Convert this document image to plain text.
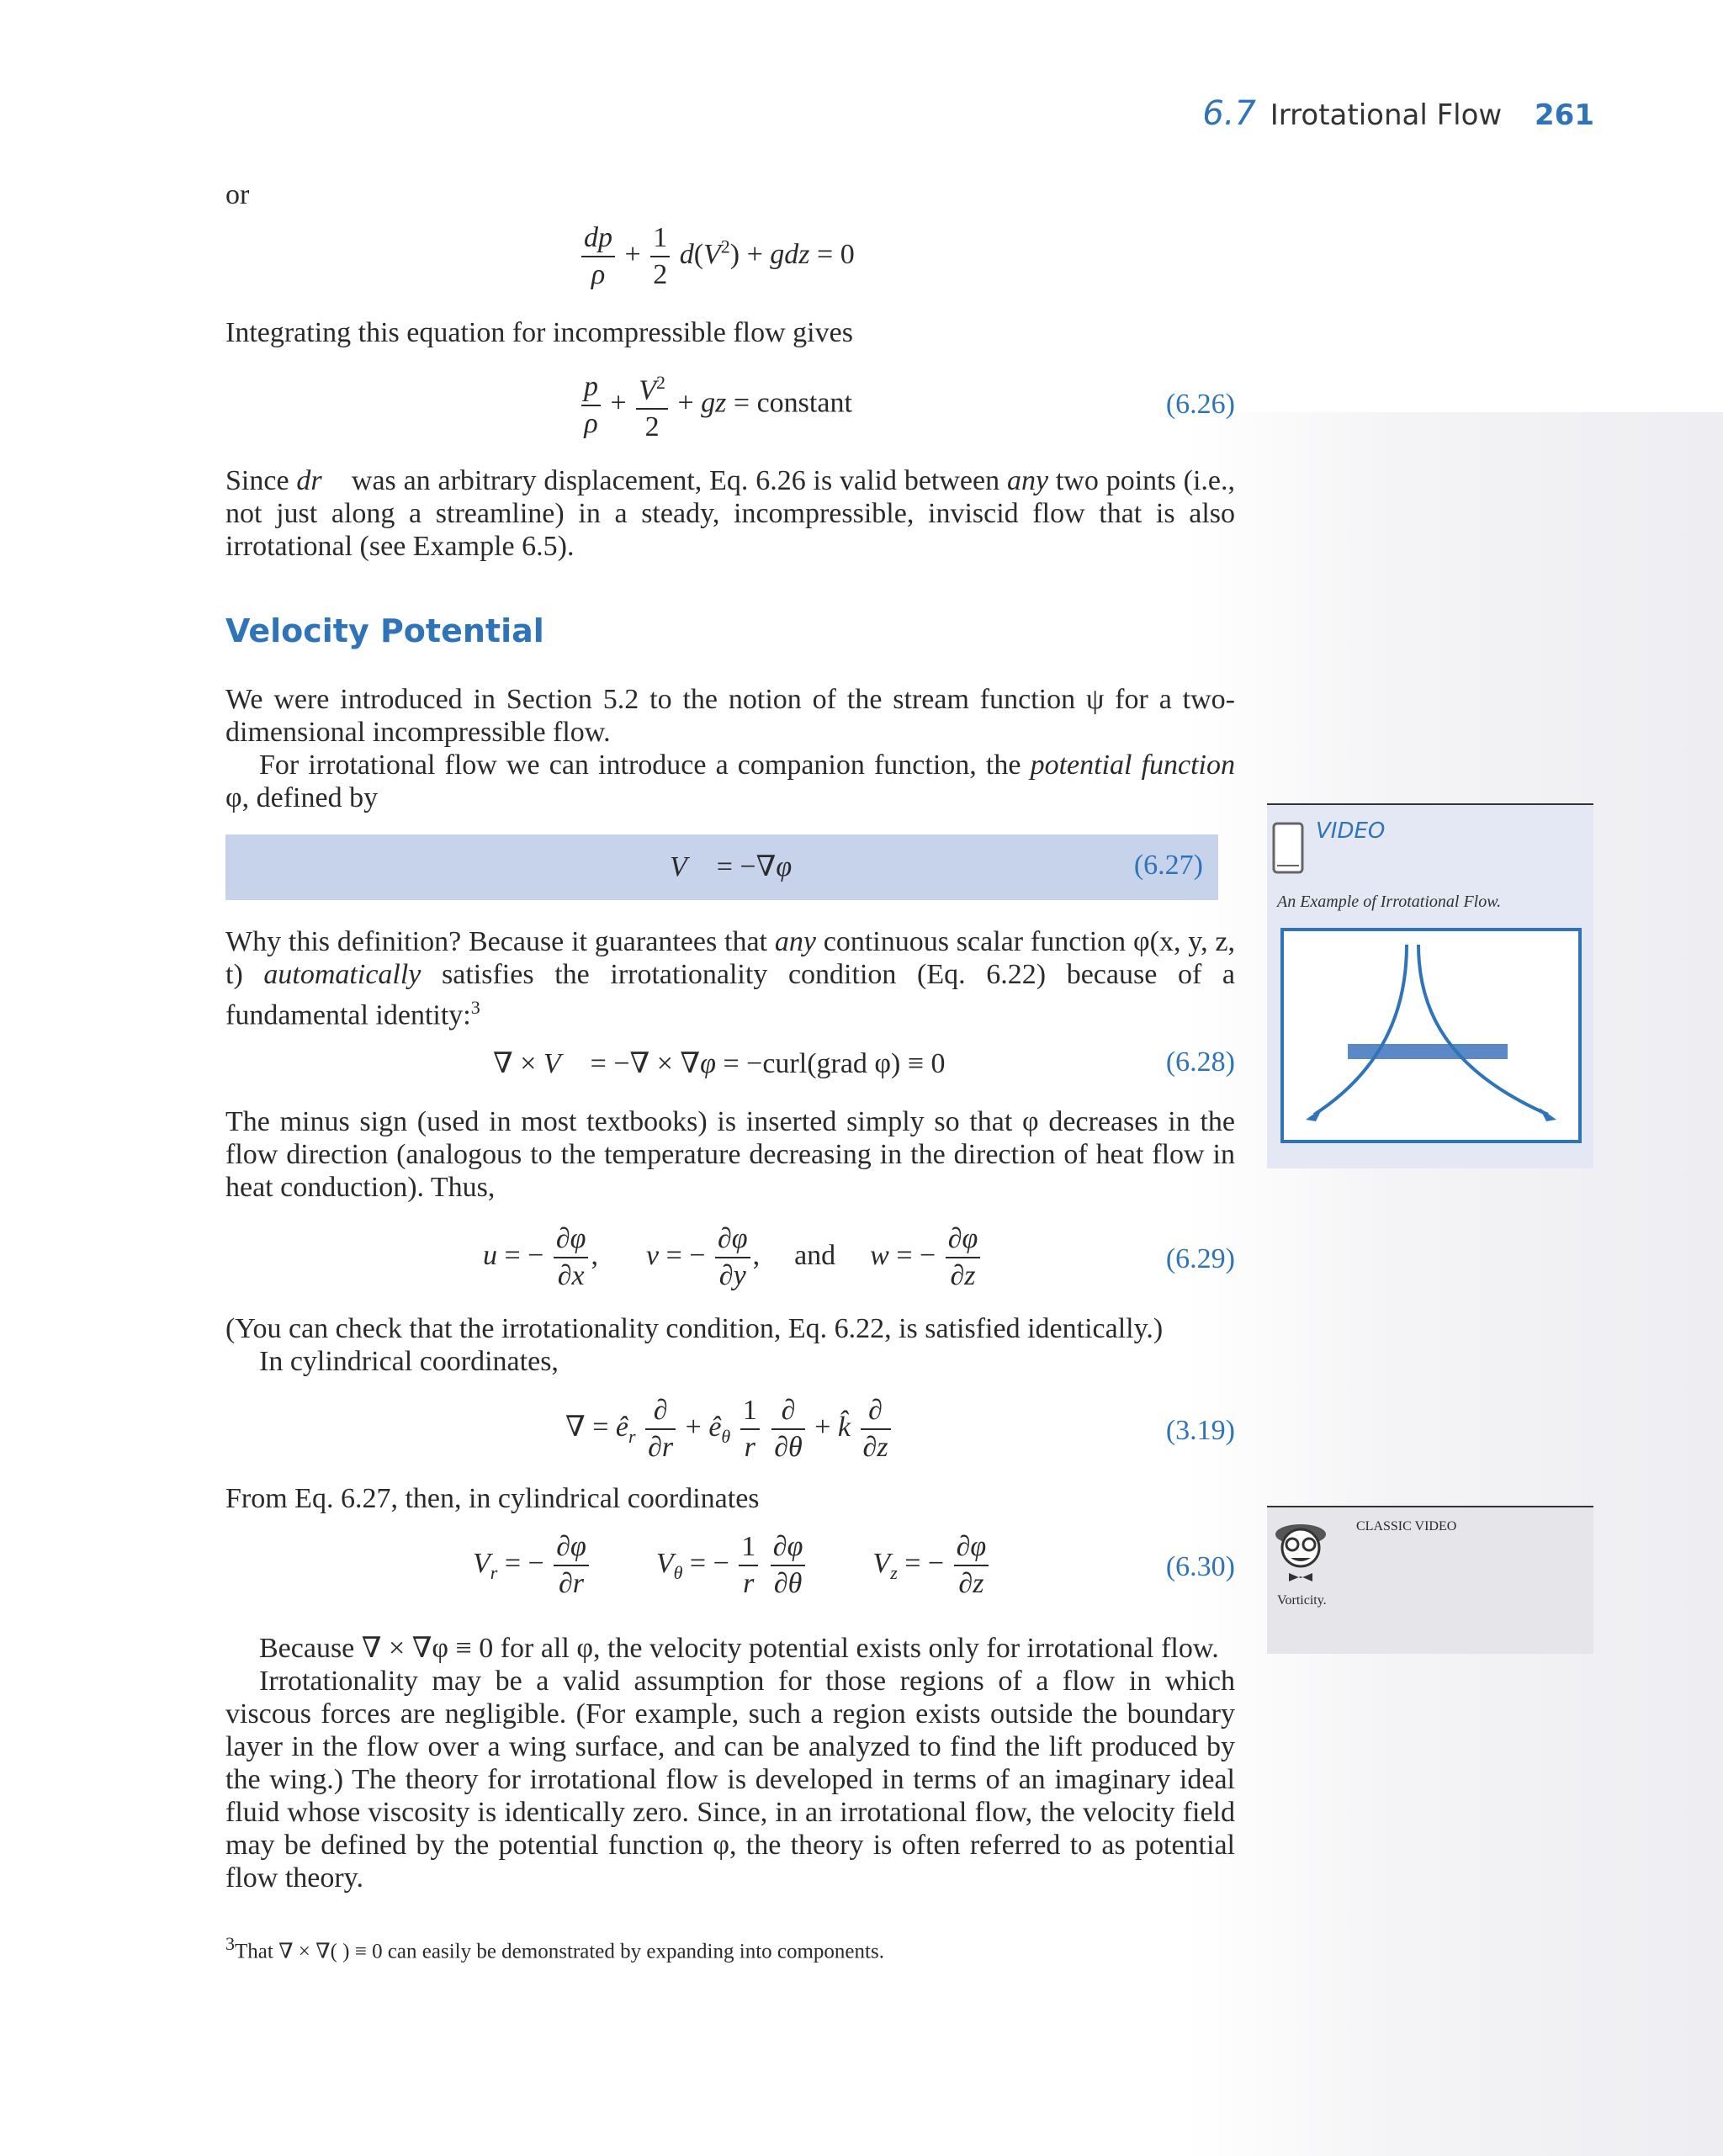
6.7 Irrotational Flow 261
or
$\frac{dp}{\rho} + \frac{1}{2} d(V^2)$ + gdz = 0
Integrating this equation for incompressible flow gives
$\frac{p}{\rho} + \frac{V^2}{2}$ + gz = constant	(6.26)

Since dr⃗ was an arbitrary displacement, Eq. 6.26 is valid between any two points (i.e., not just along a streamline) in a steady, incompressible, inviscid flow that is also irrotational (see Example 6.5).

Velocity Potential

We were introduced in Section 5.2 to the notion of the stream function ψ for a two-dimensional incompressible flow.

For irrotational flow we can introduce a companion function, the potential function φ, defined by

V⃗ = −∇φ	(6.27)

Why this definition? Because it guarantees that any continuous scalar function φ(x, y, z, t) automatically satisfies the irrotationality condition (Eq. 6.22) because of a fundamental identity:$^3$

∇ × V⃗ = −∇ × ∇φ = −curl(grad φ) ≡ 0	(6.28)

The minus sign (used in most textbooks) is inserted simply so that φ decreases in the flow direction (analogous to the temperature decreasing in the direction of heat flow in heat conduction). Thus,

u = − $\frac{\partial\varphi}{\partial x}$ ,  v = − $\frac{\partial\varphi}{\partial y}$ ,  and w = − $\frac{\partial\varphi}{\partial z}$	(6.29)

(You can check that the irrotationality condition, Eq. 6.22, is satisfied identically.)

In cylindrical coordinates,

∇ = $ê_r \frac{\partial}{\partial r}$ + $ê_\theta \frac{1}{r}$
$\frac{\partial}{\partial\theta}$ + k̂ $\frac{\partial}{\partial z}$	(3.19)

From Eq. 6.27, then, in cylindrical coordinates

$V_r$ = − $\frac{\partial\varphi}{\partial r} V_\theta$ = − $\frac{1}{r}$
$\frac{\partial\varphi}{\partial\theta} V_z$ = − $\frac{\partial\varphi}{\partial z}$	(6.30)

Because ∇ × ∇φ ≡ 0 for all φ, the velocity potential exists only for irrotational flow.

Irrotationality may be a valid assumption for those regions of a flow in which viscous forces are negligible. (For example, such a region exists outside the boundary layer in the flow over a wing surface, and can be analyzed to find the lift produced by the wing.) The theory for irrotational flow is developed in terms of an imaginary ideal fluid whose viscosity is identically zero. Since, in an irrotational flow, the velocity field may be defined by the potential function φ, the theory is often referred to as potential flow theory.

VIDEO
An Example of Irrotational Flow.
CLASSIC VIDEO
Vorticity.
$^3$That ∇ × ∇( ) ≡ 0 can easily be demonstrated by expanding into components.
